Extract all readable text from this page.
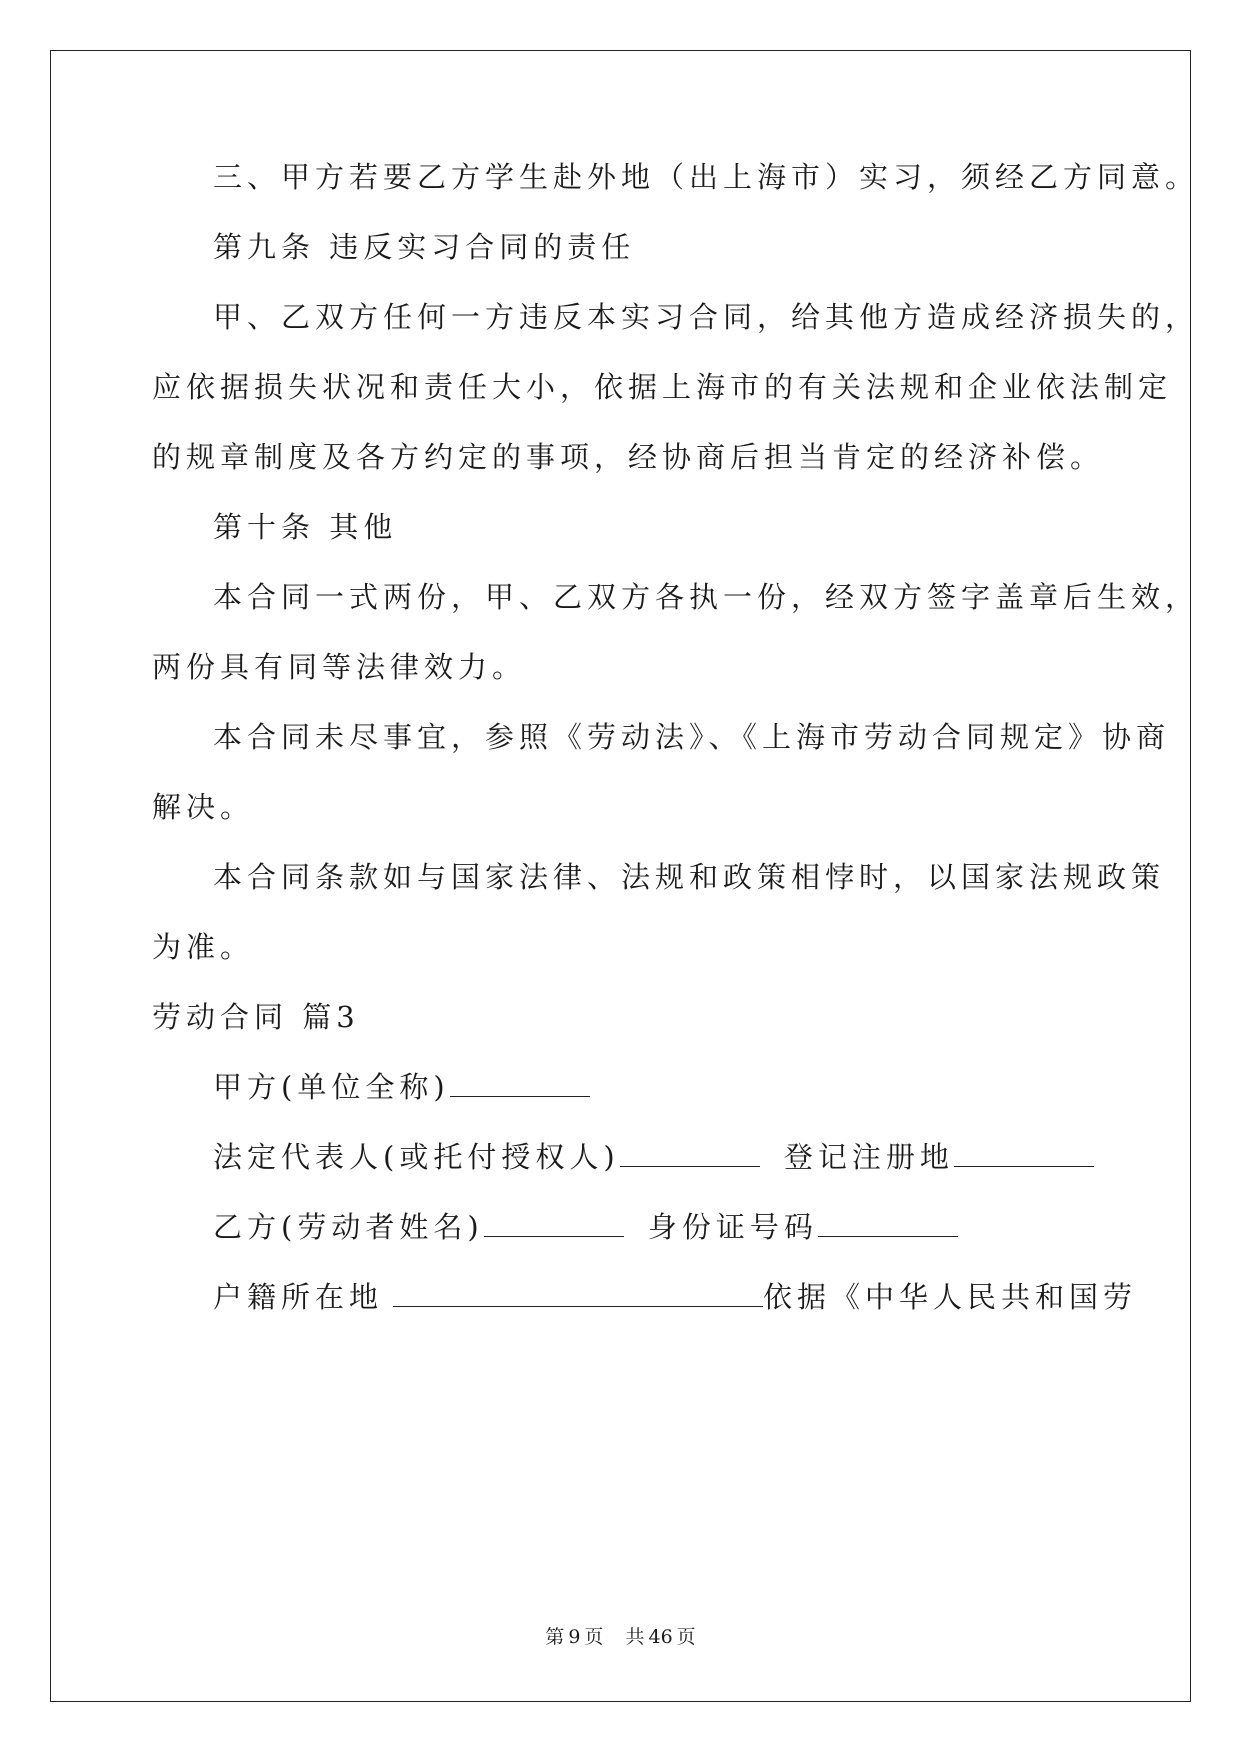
三、甲方若要乙方学生赴外地（出上海市）实习，须经乙方同意。
第九条 违反实习合同的责任
甲、乙双方任何一方违反本实习合同，给其他方造成经济损失的，
应依据损失状况和责任大小，依据上海市的有关法规和企业依法制定
的规章制度及各方约定的事项，经协商后担当肯定的经济补偿。
第十条 其他
本合同一式两份，甲、乙双方各执一份，经双方签字盖章后生效，
两份具有同等法律效力。
本合同未尽事宜，参照《劳动法》、《上海市劳动合同规定》协商
解决。
本合同条款如与国家法律、法规和政策相悖时，以国家法规政策
为准。
劳动合同 篇3
甲方(单位全称)
法定代表人(或托付授权人)	登记注册地
乙方(劳动者姓名)	身份证号码
户籍所在地	依据《中华人民共和国劳
第 9 页 共 46 页
